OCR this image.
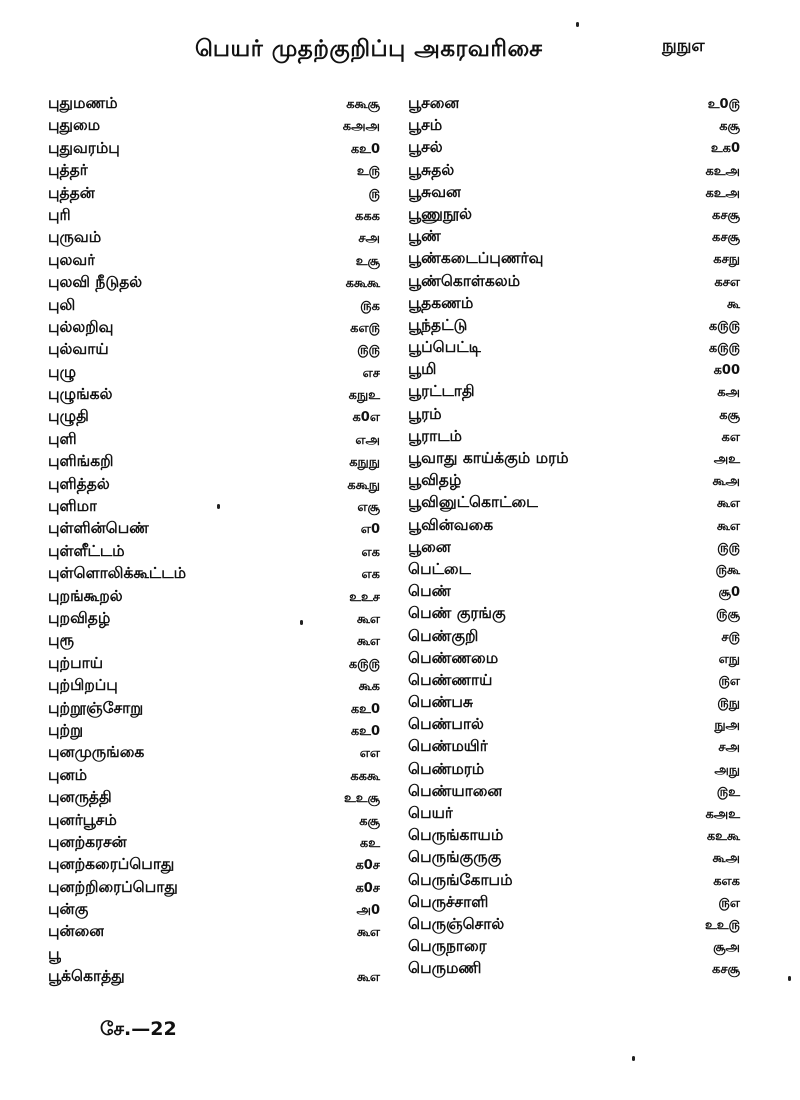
பெயர் முதற்குறிப்பு அகரவரிசை	நுநுஎ
புதுமணம்	ககூசூ
புதுமை	கஅஅ
புதுவரம்பு	கஉ0
புத்தர்	உ௫
புத்தன்	௫
புரி	ககக
புருவம்	சஅ
புலவர்	உசூ
புலவி நீடுதல்	ககூகூ
புலி	௫க
புல்லறிவு	கஎ௫
புல்வாய்	௫௫
புழு	எச
புழுங்கல்	கநுஉ
புழுதி	க0எ
புளி	எஅ
புளிங்கறி	கநுநு
புளித்தல்	ககூநு
புளிமா	எசூ
புள்ளின்பெண்	எ0
புள்ளீட்டம்	எக
புள்ளொலிக்கூட்டம்	எக
புறங்கூறல்	உஉச
புறவிதழ்	கூஎ
புரூ	கூஎ
புற்பாய்	க௫௫
புற்பிறப்பு	கூக
புற்றூஞ்சோறு	கஉ0
புற்று	கஉ0
புனமுருங்கை	எஎ
புனம்	கககூ
புனருத்தி	உஉசூ
புனர்பூசம்	கசூ
புனற்கரசன்	கஉ
புனற்கரைப்பொது	க0ச
புனற்றிரைப்பொது	க0ச
புன்கு	அ0
புன்னை	கூஎ
பூ
பூக்கொத்து	கூஎ
பூசனை	உ0௫
பூசம்	கசூ
பூசல்	உக0
பூசுதல்	கஉஅ
பூசுவன	கஉஅ
பூணுநூல்	கசசூ
பூண்	கசசூ
பூண்கடைப்புணர்வு	கசநு
பூண்கொள்கலம்	கசஎ
பூதகணம்	கூ
பூந்தட்டு	க௫௫
பூப்பெட்டி	க௫௫
பூமி	க00
பூரட்டாதி	கஅ
பூரம்	கசூ
பூராடம்	கஎ
பூவாது காய்க்கும் மரம்	அஉ
பூவிதழ்	கூஅ
பூவினுட்கொட்டை	கூஎ
பூவின்வகை	கூஎ
பூனை	௫௫
பெட்டை	௫கூ
பெண்	சூ0
பெண் குரங்கு	௫சூ
பெண்குறி	ச௫
பெண்ணமை	எநு
பெண்ணாய்	௫எ
பெண்பசு	௫நு
பெண்பால்	நுஅ
பெண்மயிர்	சஅ
பெண்மரம்	அநு
பெண்யானை	௫உ
பெயர்	கஅஉ
பெருங்காயம்	கஉகூ
பெருங்குருகு	கூஅ
பெருங்கோபம்	கஎக
பெருச்சாளி	௫எ
பெருஞ்சொல்	உஉ௫
பெருநாரை	சூஅ
பெருமணி	கசசூ
சே.—22
